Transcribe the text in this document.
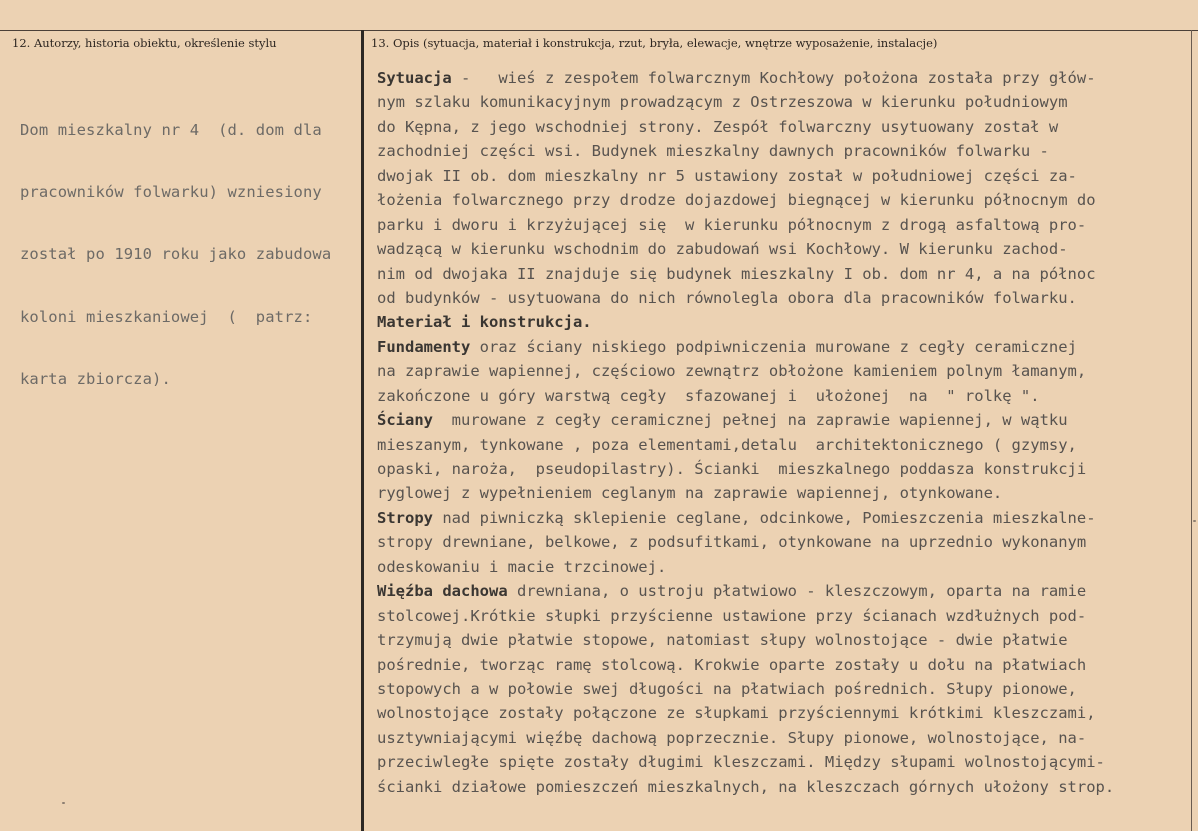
12. Autorzy, historia obiektu, określenie stylu	13. Opis (sytuacja, materiał i konstrukcja, rzut, bryła, elewacje, wnętrze wyposażenie, instalacje)

Dom mieszkalny nr 4  (d. dom dla

pracowników folwarku) wzniesiony

został po 1910 roku jako zabudowa

koloni mieszkaniowej  (  patrz:

karta zbiorcza).

Sytuacja -   wieś z zespołem folwarcznym Kochłowy położona została przy głów-
nym szlaku komunikacyjnym prowadzącym z Ostrzeszowa w kierunku południowym
do Kępna, z jego wschodniej strony. Zespół folwarczny usytuowany został w
zachodniej części wsi. Budynek mieszkalny dawnych pracowników folwarku -
dwojak II ob. dom mieszkalny nr 5 ustawiony został w południowej części za-
łożenia folwarcznego przy drodze dojazdowej biegnącej w kierunku północnym do
parku i dworu i krzyżującej się  w kierunku północnym z drogą asfaltową pro-
wadzącą w kierunku wschodnim do zabudowań wsi Kochłowy. W kierunku zachod-
nim od dwojaka II znajduje się budynek mieszkalny I ob. dom nr 4, a na północ
od budynków - usytuowana do nich równolegla obora dla pracowników folwarku.
Materiał i konstrukcja.
Fundamenty oraz ściany niskiego podpiwniczenia murowane z cegły ceramicznej
na zaprawie wapiennej, częściowo zewnątrz obłożone kamieniem polnym łamanym,
zakończone u góry warstwą cegły  sfazowanej i  ułożonej  na  " rolkę ".
Ściany  murowane z cegły ceramicznej pełnej na zaprawie wapiennej, w wątku
mieszanym, tynkowane , poza elementami,detalu  architektonicznego ( gzymsy,
opaski, naroża,  pseudopilastry). Ścianki  mieszkalnego poddasza konstrukcji
ryglowej z wypełnieniem ceglanym na zaprawie wapiennej, otynkowane.
Stropy nad piwniczką sklepienie ceglane, odcinkowe, Pomieszczenia mieszkalne-
stropy drewniane, belkowe, z podsufitkami, otynkowane na uprzednio wykonanym
odeskowaniu i macie trzcinowej.
Więźba dachowa drewniana, o ustroju płatwiowo - kleszczowym, oparta na ramie
stolcowej.Krótkie słupki przyścienne ustawione przy ścianach wzdłużnych pod-
trzymują dwie płatwie stopowe, natomiast słupy wolnostojące - dwie płatwie
pośrednie, tworząc ramę stolcową. Krokwie oparte zostały u dołu na płatwiach
stopowych a w połowie swej długości na płatwiach pośrednich. Słupy pionowe,
wolnostojące zostały połączone ze słupkami przyściennymi krótkimi kleszczami,
usztywniającymi więźbę dachową poprzecznie. Słupy pionowe, wolnostojące, na-
przeciwległe spięte zostały długimi kleszczami. Między słupami wolnostojącymi-
ścianki działowe pomieszczeń mieszkalnych, na kleszczach górnych ułożony strop.
